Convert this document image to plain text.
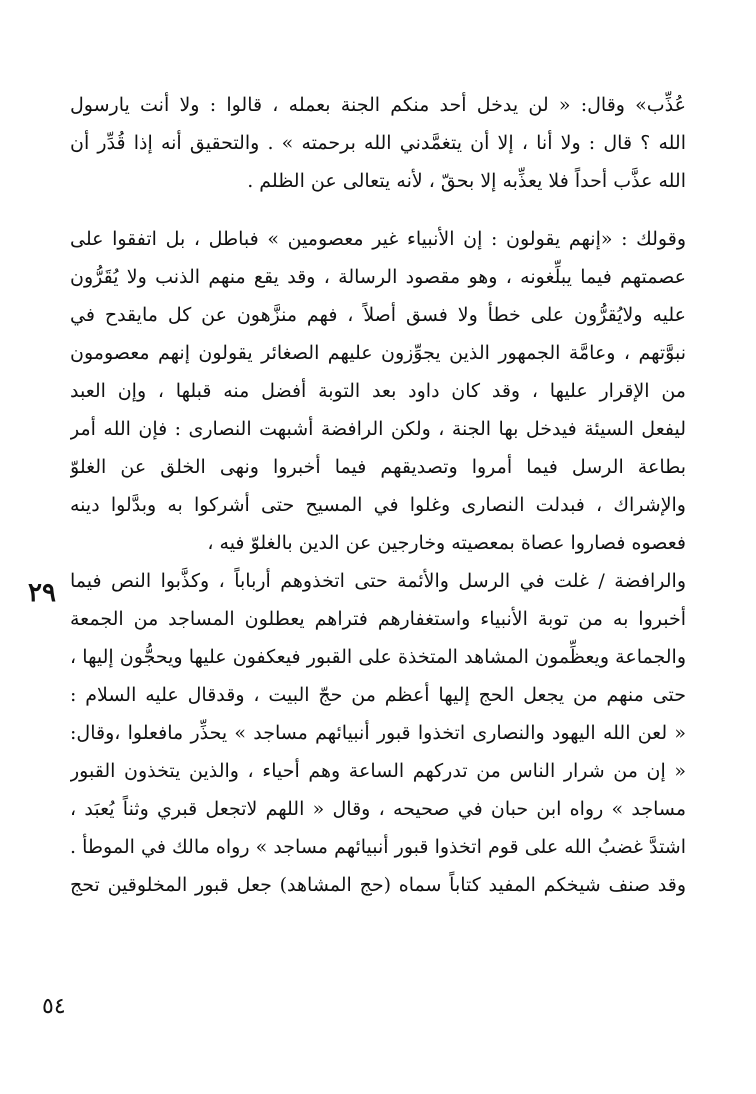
عُذِّب» وقال: « لن يدخل أحد منكم الجنة بعمله ، قالوا : ولا أنت يارسول
الله ؟ قال : ولا أنا ، إلا أن يتغمَّدني الله برحمته » . والتحقيق أنه إذا قُدِّر أن
الله عذَّب أحداً فلا يعذِّبه إلا بحقّ ، لأنه يتعالى عن الظلم .
وقولك : «إنهم يقولون : إن الأنبياء غير معصومين » فباطل ، بل اتفقوا على
عصمتهم فيما يبلِّغونه ، وهو مقصود الرسالة ، وقد يقع منهم الذنب ولا يُقَرُّون
عليه ولايُقرُّون على خطأ ولا فسق أصلاً ، فهم منزَّهون عن كل مايقدح في
نبوَّتهم ، وعامَّة الجمهور الذين يجوِّزون عليهم الصغائر يقولون إنهم معصومون
من الإقرار عليها ، وقد كان داود بعد التوبة أفضل منه قبلها ، وإن العبد
ليفعل السيئة فيدخل بها الجنة ، ولكن الرافضة أشبهت النصارى : فإن الله أمر
بطاعة الرسل فيما أمروا وتصديقهم فيما أخبروا ونهى الخلق عن الغلوّ
والإشراك ، فبدلت النصارى وغلوا في المسيح حتى أشركوا به وبدَّلوا دينه
فعصوه فصاروا عصاة بمعصيته وخارجين عن الدين بالغلوّ فيه ،
والرافضة / غلت في الرسل والأئمة حتى اتخذوهم أرباباً ، وكذَّبوا النص فيما
أخبروا به من توبة الأنبياء واستغفارهم فتراهم يعطلون المساجد من الجمعة
والجماعة ويعظِّمون المشاهد المتخذة على القبور فيعكفون عليها ويحجُّون إليها ،
حتى منهم من يجعل الحج إليها أعظم من حجّ البيت ، وقدقال عليه السلام :
« لعن الله اليهود والنصارى اتخذوا قبور أنبيائهم مساجد » يحذِّر مافعلوا ،وقال:
« إن من شرار الناس من تدركهم الساعة وهم أحياء ، والذين يتخذون القبور
مساجد » رواه ابن حبان في صحيحه ، وقال « اللهم لاتجعل قبري وثناً يُعبَد ،
اشتدَّ غضبُ الله على قوم اتخذوا قبور أنبيائهم مساجد » رواه مالك في الموطأ .
وقد صنف شيخكم المفيد كتاباً سماه (حج المشاهد) جعل قبور المخلوقين تحج
٢٩
٥٤
